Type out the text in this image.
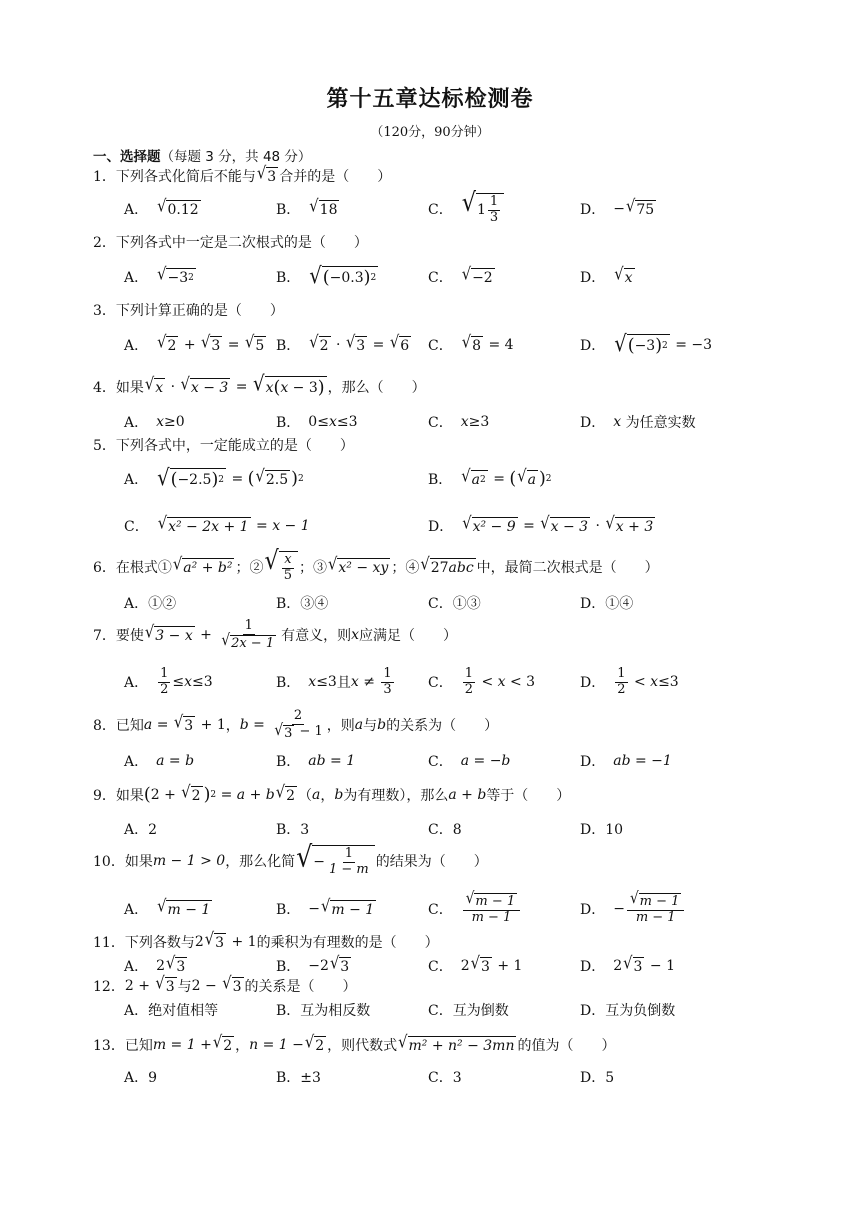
第十五章达标检测卷
（120分，90分钟）
一、选择题（每题 3 分，共 48 分）
1．下列各式化简后不能与 √ 3 合并的是（　　）
A． √ 0.12	B． √ 18	C． √ $1 \frac{1}{3}$	D． − √ 75
2．下列各式中一定是二次根式的是（　　）
A． √ −3 2	B． √ ( −0.3 ) 2	C． √ −2	D． √ x
3．下列计算正确的是（　　）
A． √ 2 + √ 3 = √ 5 B． √ 2 · √ 3 = √ 6 C． √ 8 = 4	D． √ ( −3 ) 2 = −3
4．如果 √ x · √ x − 3 = √ x ( x − 3 ) ，那么（　　）
A． x ≥0	B． 0≤ x ≤3	C． x ≥3	D． x
为任意实数
5．下列各式中，一定能成立的是（　　）
A． √ ( −2.5 ) 2 = ( √ 2.5 ) 2	B． √ a 2 = ( √ a ) 2
C． √ x² − 2x + 1 = x − 1	D． √ x² − 9 = √ x − 3 · √ x + 3
6．在根式① √ a² + b² ；② √ $\frac{x}{5}$ ；③ √ x² − xy ；④ √ 27 abc 中，最简二次根式是（　　）
A．①②	B．③④	C．①③	D．①④
7．要使 √ $3 - x + \frac{1}{√ 2x - 1}$ 有意义，则 x 应满足（　　）
A． $\frac{1}{2} \le x \le 3$	B． x ≤3 且 $x \ne \frac{1}{3}$ C． $\frac{1}{2} < x < 3$	D． $\frac{1}{2} < x \le 3$
8．已知 a = √ 3 + 1 ， $b = \frac{2}{√ 3 - 1}$ ，则 a 与 b 的关系为（　　）
A． a = b	B． ab = 1	C． a = −b	D． ab = −1
9．如果 ( 2 + √ 2 ) 2 = a + b √ 2 （ a ， b 为有理数），那么 a + b 等于（　　）
A．2	B．3	C．8	D．10
10．如果 m − 1 > 0 ，那么化简 √ − $\frac{1}{1 - m}$ 的结果为（　　）
A． √ m − 1	B． − √ m − 1	C． $\frac{√ m - 1}{m - 1}$	D． − $\frac{√ m - 1}{m - 1}$
11．下列各数与 2 √ 3 + 1 的乘积为有理数的是（　　）
A． 2 √ 3	B． −2 √ 3	C． 2 √ 3 + 1	D． 2 √ 3 − 1
12． 2 + √ 3 与 2 − √ 3 的关系是（　　）
A．绝对值相等	B．互为相反数	C．互为倒数	D．互为负倒数
13．已知 m = 1 + √ 2 ， n = 1 − √ 2 ，则代数式 √ m² + n² − 3mn 的值为（　　）
A．9	B．±3	C．3	D．5
